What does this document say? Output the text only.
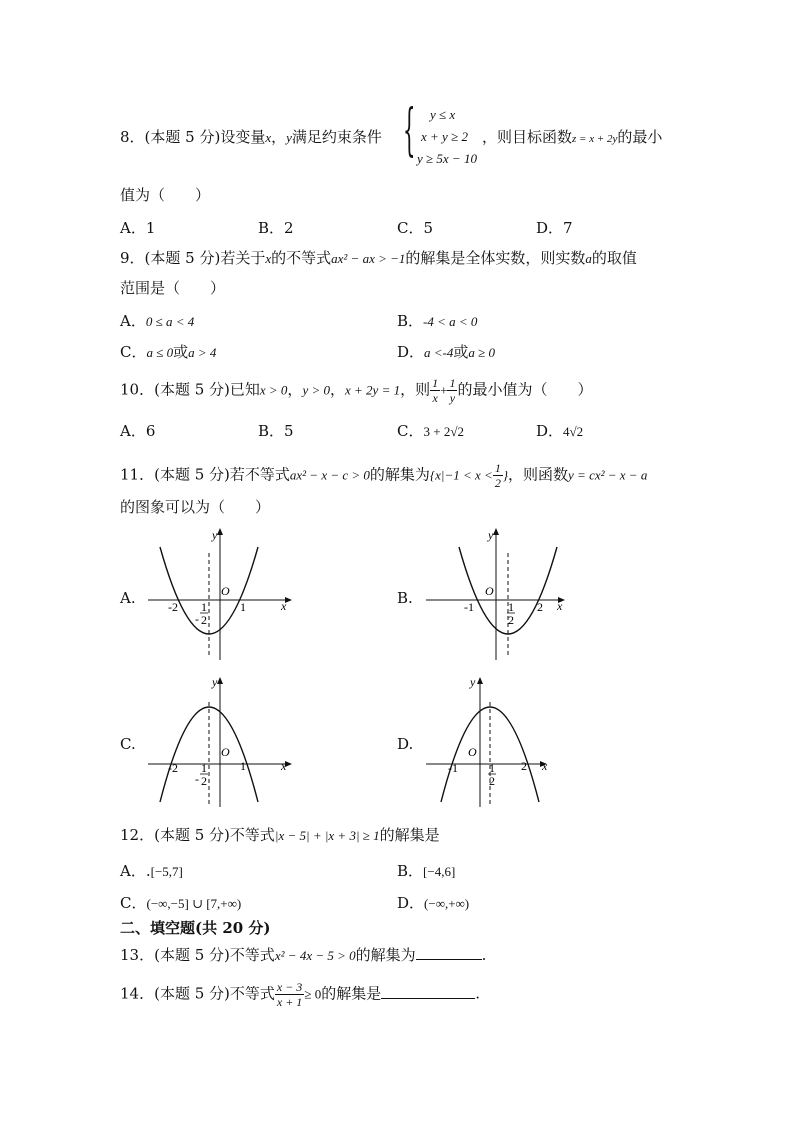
8．(本题 5 分)设变量x，y满足约束条件 { y ≤ x
x + y ≥ 2
y ≥ 5x − 10
，则目标函数z = x + 2y的最小
值为（　　）
A．1	B．2	C．5	D．7
9．(本题 5 分)若关于x的不等式ax² − ax > −1的解集是全体实数，则实数a的取值
范围是（　　）
A．0 ≤ a < 4	B．-4 < a < 0
C．a ≤ 0或a > 4	D．a <-4或a ≥ 0
10．(本题 5 分)已知x > 0，y > 0，x + 2y = 1，则 $\frac{1}{x} + \frac{1}{y}$ 的最小值为（　　）
A．6	B．5	C．3 + 2√2	D．4√2
11．(本题 5 分)若不等式ax² − x − c > 0的解集为{$x|-1 < x < \frac{1}{2}$ }，则函数y = cx² − x − a
的图象可以为（　　）
A.	B.
C.	D.
y
x
O
-2	1
-
1
2
y
x
O
-1	2
1
2
y
x
O
-2	1
-
1
2
y
x
O
-1	2
1
2
12．(本题 5 分)不等式|x − 5| + |x + 3| ≥ 1的解集是
A．.[−5,7]	B．[−4,6]
C．(−∞,−5] ∪ [7,+∞)	D．(−∞,+∞)
二、填空题(共 20 分)
13．(本题 5 分)不等式x² − 4x − 5 > 0的解集为	.
14．(本题 5 分)不等式 $\frac{x - 3}{x + 1} \ge 0$的解集是	.
